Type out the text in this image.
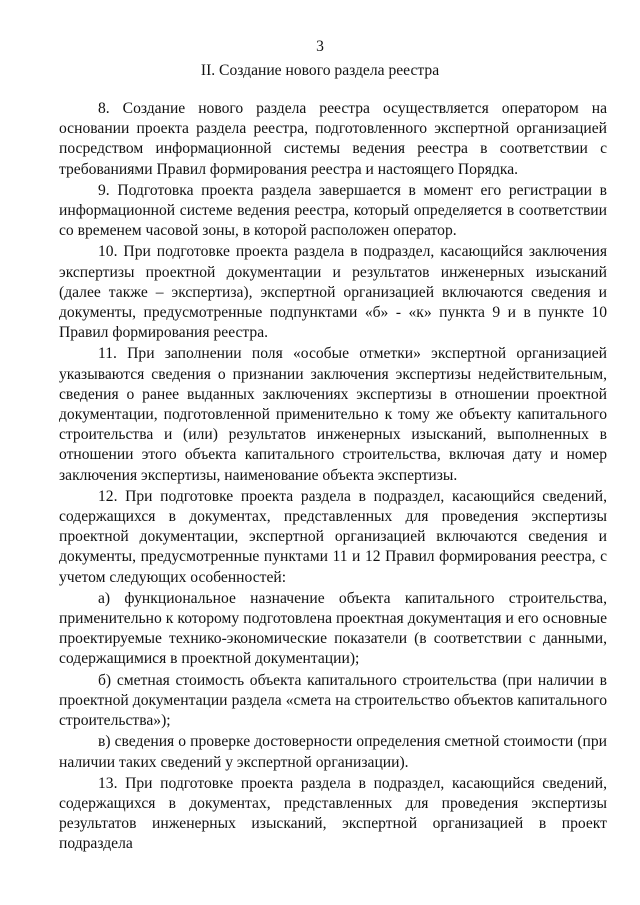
3
II. Создание нового раздела реестра

8. Создание нового раздела реестра осуществляется оператором на основании проекта раздела реестра, подготовленного экспертной организацией посредством информационной системы ведения реестра в соответствии с требованиями Правил формирования реестра и настоящего Порядка.

9. Подготовка проекта раздела завершается в момент его регистрации в информационной системе ведения реестра, который определяется в соответствии со временем часовой зоны, в которой расположен оператор.

10. При подготовке проекта раздела в подраздел, касающийся заключения экспертизы проектной документации и результатов инженерных изысканий (далее также – экспертиза), экспертной организацией включаются сведения и документы, предусмотренные подпунктами «б» - «к» пункта 9 и в пункте 10 Правил формирования реестра.

11. При заполнении поля «особые отметки» экспертной организацией указываются сведения о признании заключения экспертизы недействительным, сведения о ранее выданных заключениях экспертизы в отношении проектной документации, подготовленной применительно к тому же объекту капитального строительства и (или) результатов инженерных изысканий, выполненных в отношении этого объекта капитального строительства, включая дату и номер заключения экспертизы, наименование объекта экспертизы.

12. При подготовке проекта раздела в подраздел, касающийся сведений, содержащихся в документах, представленных для проведения экспертизы проектной документации, экспертной организацией включаются сведения и документы, предусмотренные пунктами 11 и 12 Правил формирования реестра, с учетом следующих особенностей:

а) функциональное назначение объекта капитального строительства, применительно к которому подготовлена проектная документация и его основные проектируемые технико-экономические показатели (в соответствии с данными, содержащимися в проектной документации);

б) сметная стоимость объекта капитального строительства (при наличии в проектной документации раздела «смета на строительство объектов капитального строительства»);

в) сведения о проверке достоверности определения сметной стоимости (при наличии таких сведений у экспертной организации).

13. При подготовке проекта раздела в подраздел, касающийся сведений, содержащихся в документах, представленных для проведения экспертизы результатов инженерных изысканий, экспертной организацией в проект подраздела
